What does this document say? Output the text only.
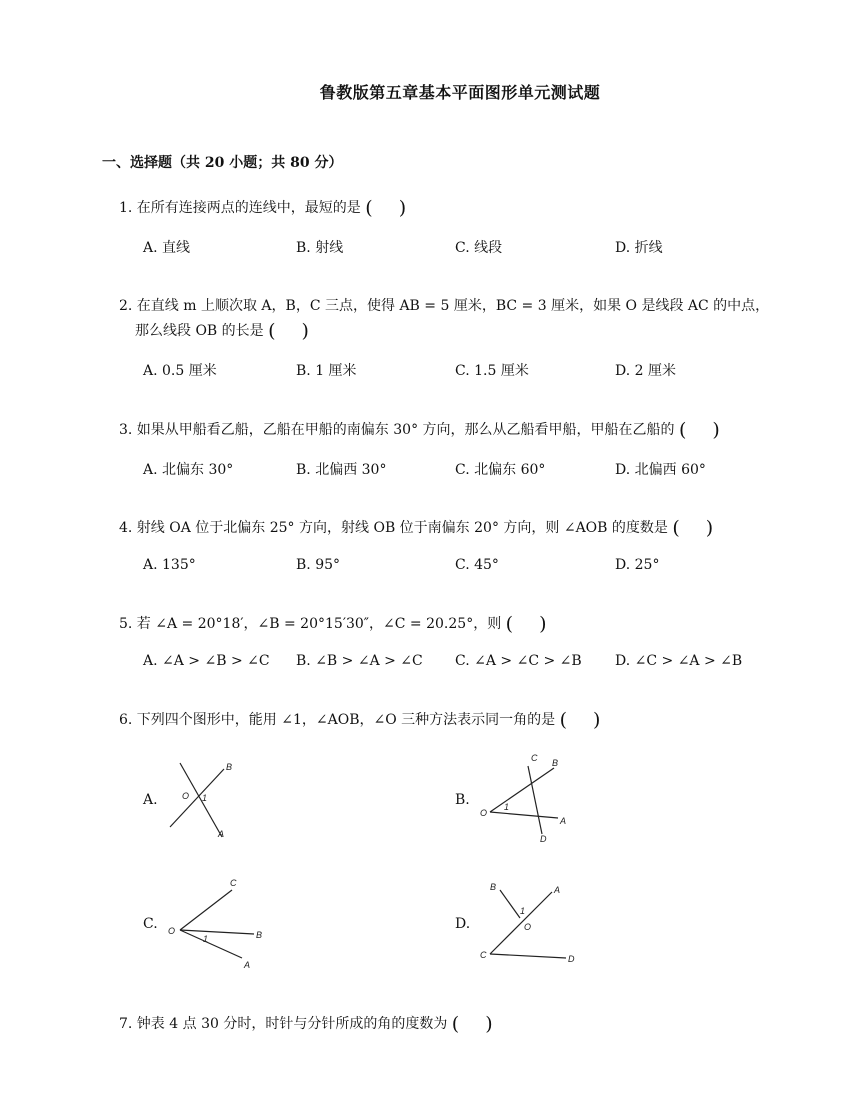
鲁教版第五章基本平面图形单元测试题
一、选择题（共 20 小题；共 80 分）
1. 在所有连接两点的连线中，最短的是 ( )
A. 直线	B. 射线	C. 线段	D. 折线
2. 在直线 m 上顺次取 A，B，C 三点，使得 AB = 5 厘米，BC = 3 厘米，如果 O 是线段 AC 的中点，
那么线段 OB 的长是 ( )
A. 0.5 厘米	B. 1 厘米	C. 1.5 厘米	D. 2 厘米
3. 如果从甲船看乙船，乙船在甲船的南偏东 30° 方向，那么从乙船看甲船，甲船在乙船的 ( )
A. 北偏东 30°	B. 北偏西 30°	C. 北偏东 60°	D. 北偏西 60°
4. 射线 OA 位于北偏东 25° 方向，射线 OB 位于南偏东 20° 方向，则 ∠AOB 的度数是 ( )
A. 135°	B. 95°	C. 45°	D. 25°
5. 若 ∠A = 20°18′，∠B = 20°15′30″，∠C = 20.25°，则 ( )
A. ∠A > ∠B > ∠C B. ∠B > ∠A > ∠C C. ∠A > ∠C > ∠B D. ∠C > ∠A > ∠B
6. 下列四个图形中，能用 ∠1，∠AOB，∠O 三种方法表示同一角的是 ( )
A.	B.
C.	D.
B
O 1
A
C B
O
1
A
D
C
O
1	B
A
B
1
A
O
C	D
7. 钟表 4 点 30 分时，时针与分针所成的角的度数为 ( )
